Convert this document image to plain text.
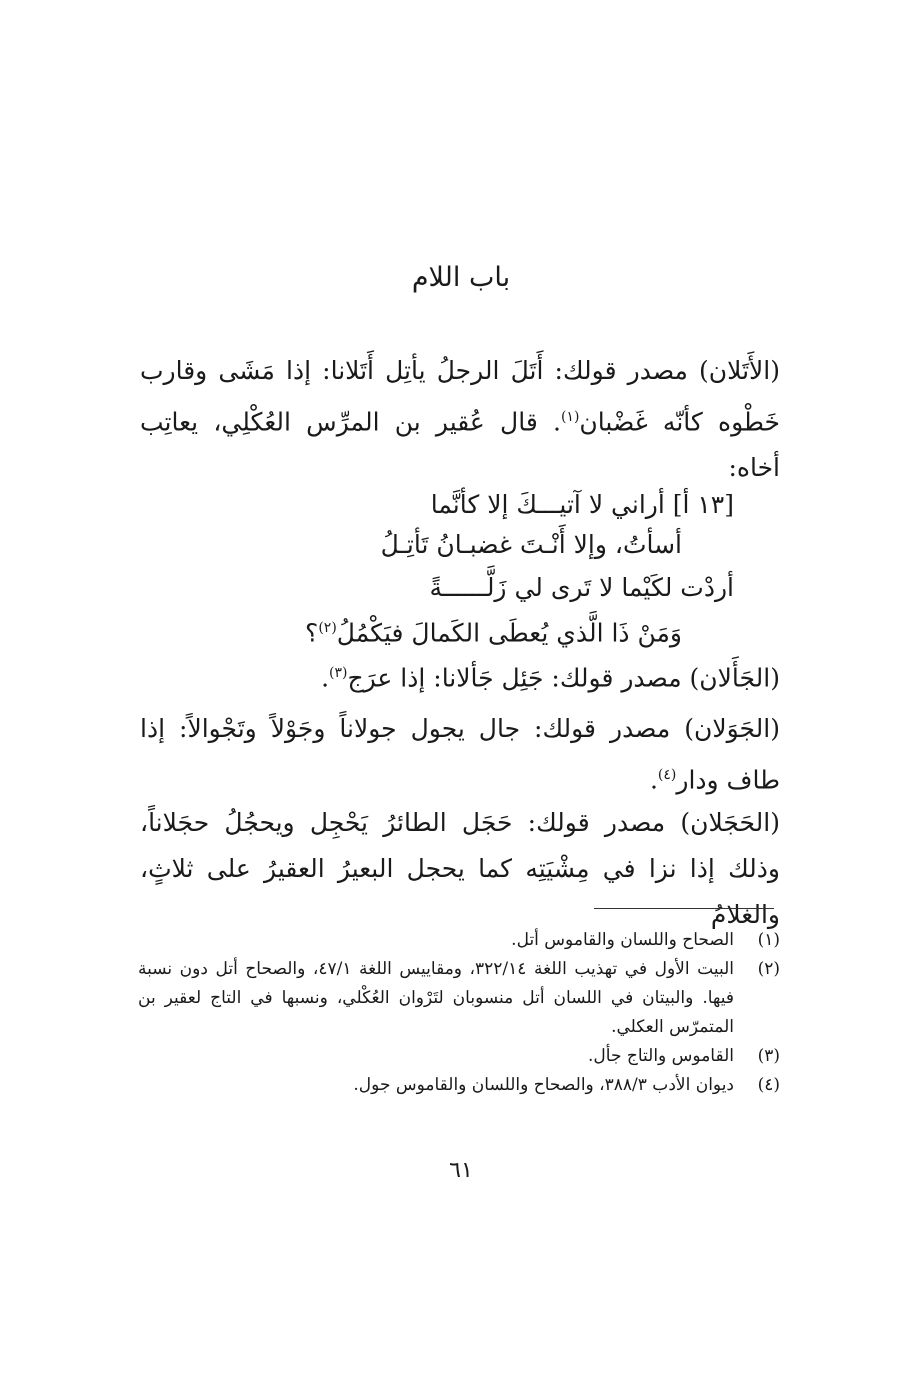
باب اللام

(الأَتَلان) مصدر قولك: أَتَلَ الرجلُ يأتِل أَتَلانا: إذا مَشَى وقارب خَطْوه كأنّه غَضْبان$^{(١)}$. قال عُقير بن المرِّس العُكْلِي، يعاتِب أخاه:

[١٣ أ] أراني لا آتيـــكَ إلا كأنَّما
أسأتُ، وإلا أَنْـتَ غضبـانُ تَأتِـلُ
أردْت لكَيْما لا تَرى لي زَلَّــــــةً
وَمَنْ ذَا الَّذي يُعطَى الكَمالَ فيَكْمُلُ$^{(٢)}$؟

(الجَأَلان) مصدر قولك: جَئِل جَألانا: إذا عرَج$^{(٣)}$.

(الجَوَلان) مصدر قولك: جال يجول جولاناً وجَوْلاً وتَجْوالاً: إذا طاف ودار$^{(٤)}$.

(الحَجَلان) مصدر قولك: حَجَل الطائرُ يَحْجِل ويحجُلُ حجَلاناً، وذلك إذا نزا في مِشْيَتِه كما يحجل البعيرُ العقيرُ على ثلاثٍ، والغلامُ

(١)
الصحاح واللسان والقاموس أتل.
(٢)
البيت الأول في تهذيب اللغة ٣٢٢/١٤، ومقاييس اللغة ٤٧/١، والصحاح أتل دون نسبة فيها. والبيتان في اللسان أتل منسوبان لتَرْوان العُكْلي، ونسبها في التاج لعقير بن المتمرّس العكلي.
(٣)
القاموس والتاج جأل.
(٤)
ديوان الأدب ٣٨٨/٣، والصحاح واللسان والقاموس جول.
٦١
